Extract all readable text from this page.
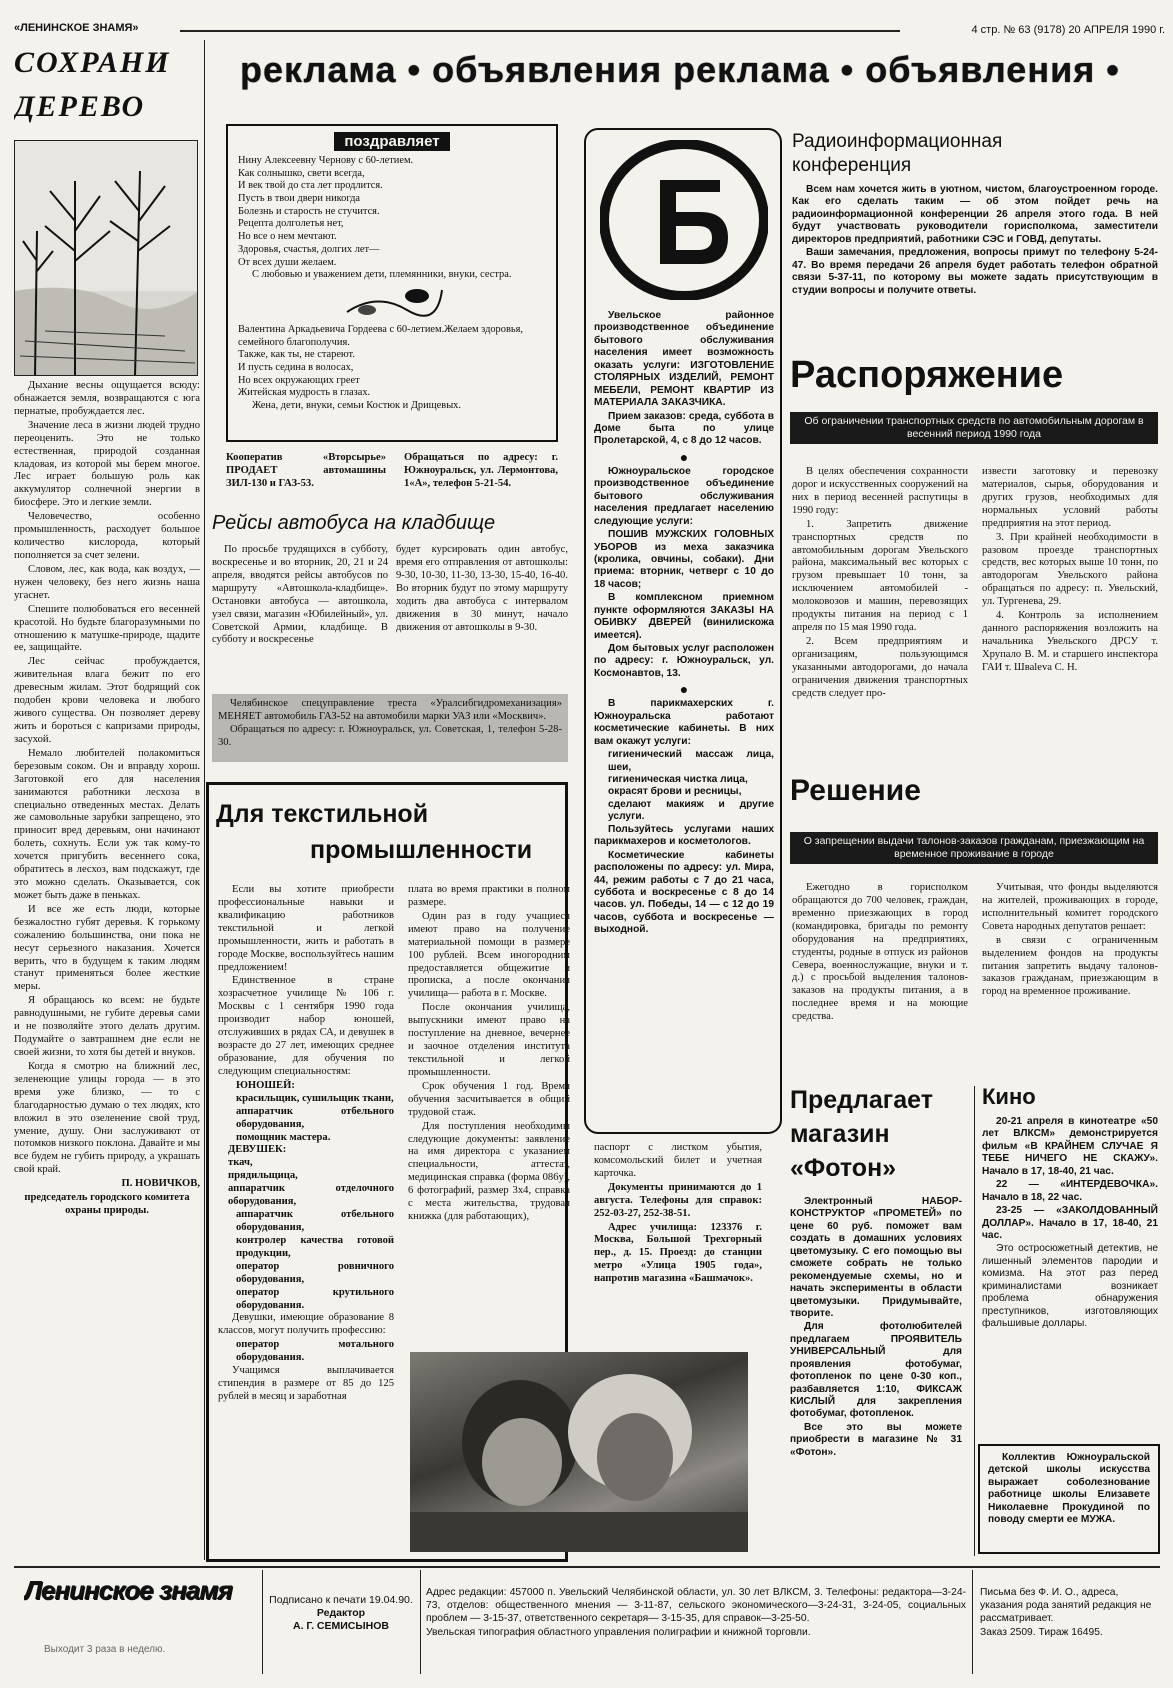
«ЛЕНИНСКОЕ ЗНАМЯ»	4 стр. № 63 (9178) 20 АПРЕЛЯ 1990 г.
реклама • объявления реклама • объявления •
СОХРАНИ
ДЕРЕВО

Дыхание весны ощущается всюду: обнажается земля, возвращаются с юга пернатые, пробуждается лес.

Значение леса в жизни людей трудно переоценить. Это не только естественная, природой созданная кладовая, из которой мы берем многое. Лес играет большую роль как аккумулятор солнечной энергии в биосфере. Это и легкие земли.

Человечество, особенно промышленность, расходует большое количество кислорода, который пополняется за счет зелени.

Словом, лес, как вода, как воздух, — нужен человеку, без него жизнь наша угаснет.

Спешите полюбоваться его весенней красотой. Но будьте благоразумными по отношению к матушке-природе, щадите ее, защищайте.

Лес сейчас пробуждается, живительная влага бежит по его древесным жилам. Этот бодрящий сок подобен крови человека и любого живого существа. Он позволяет дереву жить и бороться с капризами природы, засухой.

Немало любителей полакомиться березовым соком. Он и вправду хорош. Заготовкой его для населения занимаются работники лесхоза в специально отведенных местах. Делать же самовольные зарубки запрещено, это приносит вред деревьям, они начинают болеть, сохнуть. Если уж так кому-то хочется пригубить весеннего сока, обратитесь в лесхоз, вам подскажут, где это можно сделать. Оказывается, сок может быть даже в пеньках.

И все же есть люди, которые безжалостно губят деревья. К горькому сожалению большинства, они пока не несут серьезного наказания. Хочется верить, что в будущем к таким людям станут применяться более жесткие меры.

Я обращаюсь ко всем: не будьте равнодушными, не губите деревья сами и не позволяйте этого делать другим. Подумайте о завтрашнем дне если не своей жизни, то хотя бы детей и внуков.

Когда я смотрю на ближний лес, зеленеющие улицы города — в это время уже близко, — то с благодарностью думаю о тех людях, кто вложил в это озеленение свой труд, умение, душу. Они заслуживают от потомков низкого поклона. Давайте и мы все будем не губить природу, а украшать свой край.

П. НОВИЧКОВ,

председатель городского комитета охраны природы.

поздравляет
Нину Алексеевну Чернову с 60-летием.
Как солнышко, свети всегда,
И век твой до ста лет продлится.
Пусть в твои двери никогда
Болезнь и старость не стучится.
Рецепта долголетья нет,
Но все о нем мечтают.
Здоровья, счастья, долгих лет—
От всех души желаем.
С любовью и уважением дети, племянники, внуки, сестра.
Валентина Аркадьевича Гордеева с 60-летием.Желаем здоровья, семейного благополучия.
Также, как ты, не стареют.
И пусть седина в волосах,
Но всех окружающих греет
Житейская мудрость в глазах.
Жена, дети, внуки, семьи Костюк и Дрищевых.
Кооператив «Вторсырье» ПРОДАЕТ автомашины ЗИЛ-130 и ГАЗ-53.
Обращаться по адресу: г. Южноуральск, ул. Лермонтова, 1«А», телефон 5-21-54.
Рейсы автобуса на кладбище
По просьбе трудящихся в субботу, воскресенье и во вторник, 20, 21 и 24 апреля, вводятся рейсы автобусов по маршруту «Автошкола-кладбище». Остановки автобуса — автошкола, узел связи, магазин «Юбилейный», ул. Советской Армии, кладбище. В субботу и воскресенье
будет курсировать один автобус, время его отправления от автошколы: 9-30, 10-30, 11-30, 13-30, 15-40, 16-40. Во вторник будут по этому маршруту ходить два автобуса с интервалом движения в 30 минут, начало движения от автошколы в 9-30.
Челябинское спецуправление треста «Уралсибгидромеханизация» МЕНЯЕТ автомобиль ГАЗ-52 на автомобили марки УАЗ или «Москвич».
Обращаться по адресу: г. Южноуральск, ул. Советская, 1, телефон 5-28-30.
Для текстильной
промышленности

Если вы хотите приобрести профессиональные навыки и квалификацию работников текстильной и легкой промышленности, жить и работать в городе Москве, воспользуйтесь нашим предложением!

Единственное в стране хозрасчетное училище № 106 г. Москвы с 1 сентября 1990 года производит набор юношей, отслуживших в рядах СА, и девушек в возрасте до 27 лет, имеющих среднее образование, для обучения по следующим специальностям:

ЮНОШЕЙ:
красильщик, сушильщик ткани,
аппаратчик отбельного оборудования,
помощник мастера.
ДЕВУШЕК:
ткач,
прядильщица,
аппаратчик отделочного оборудования,
аппаратчик отбельного оборудования,
контролер качества готовой продукции,
оператор ровничного оборудования,
оператор крутильного оборудования.

Девушки, имеющие образование 8 классов, могут получить профессию:

оператор мотального оборудования.

Учащимся выплачивается стипендия в размере от 85 до 125 рублей в месяц и заработная

плата во время практики в полном размере.

Один раз в году учащиеся имеют право на получение материальной помощи в размере 100 рублей. Всем иногородним предоставляется общежитие и прописка, а после окончания училища— работа в г. Москве.

После окончания училища, выпускники имеют право на поступление на дневное, вечернее и заочное отделения института текстильной и легкой промышленности.

Срок обучения 1 год. Время обучения засчитывается в общий трудовой стаж.

Для поступления необходимы следующие документы: заявление на имя директора с указанием специальности, аттестат, медицинская справка (форма 086у), 6 фотографий, размер 3х4, справка с места жительства, трудовая книжка (для работающих),

паспорт с листком убытия, комсомольский билет и учетная карточка.

Документы принимаются до 1 августа. Телефоны для справок: 252-03-27, 252-38-51.

Адрес училища: 123376 г. Москва, Большой Трехгорный пер., д. 15. Проезд: до станции метро «Улица 1905 года», напротив магазина «Башмачок».

Увельское районное производственное объединение бытового обслуживания населения имеет возможность оказать услуги: ИЗГОТОВЛЕНИЕ СТОЛЯРНЫХ ИЗДЕЛИЙ, РЕМОНТ МЕБЕЛИ, РЕМОНТ КВАРТИР ИЗ МАТЕРИАЛА ЗАКАЗЧИКА.

Прием заказов: среда, суббота в Доме быта по улице Пролетарской, 4, с 8 до 12 часов.

●

Южноуральское городское производственное объединение бытового обслуживания населения предлагает населению следующие услуги:

ПОШИВ МУЖСКИХ ГОЛОВНЫХ УБОРОВ из меха заказчика (кролика, овчины, собаки). Дни приема: вторник, четверг с 10 до 18 часов;

В комплексном приемном пункте оформляются ЗАКАЗЫ НА ОБИВКУ ДВЕРЕЙ (винилискожа имеется).

Дом бытовых услуг расположен по адресу: г. Южноуральск, ул. Космонавтов, 13.

●

В парикмахерских г. Южноуральска работают косметические кабинеты. В них вам окажут услуги:

гигиенический массаж лица, шеи,
гигиеническая чистка лица,
окрасят брови и ресницы,
сделают макияж и другие услуги.

Пользуйтесь услугами наших парикмахеров и косметологов.

Косметические кабинеты расположены по адресу: ул. Мира, 44, режим работы с 7 до 21 часа, суббота и воскресенье с 8 до 14 часов. ул. Победы, 14 — с 12 до 19 часов, суббота и воскресенье — выходной.

Радиоинформационная конференция

Всем нам хочется жить в уютном, чистом, благоустроенном городе. Как его сделать таким — об этом пойдет речь на радиоинформационной конференции 26 апреля этого года. В ней будут участвовать руководители горисполкома, заместители директоров предприятий, работники СЭС и ГОВД, депутаты.

Ваши замечания, предложения, вопросы примут по телефону 5-24-47. Во время передачи 26 апреля будет работать телефон обратной связи 5-37-11, по которому вы можете задать присутствующим в студии вопросы и получите ответы.

Распоряжение
Об ограничении транспортных средств по автомобильным дорогам в весенний период 1990 года

В целях обеспечения сохранности дорог и искусственных сооружений на них в период весенней распутицы в 1990 году:

1. Запретить движение транспортных средств по автомобильным дорогам Увельского района, максимальный вес которых с грузом превышает 10 тонн, за исключением автомобилей - молоковозов и машин, перевозящих продукты питания на период с 1 апреля по 15 мая 1990 года.

2. Всем предприятиям и организациям, пользующимся указанными автодорогами, до начала ограничения движения транспортных средств следует про-

извести заготовку и перевозку материалов, сырья, оборудования и других грузов, необходимых для нормальных условий работы предприятия на этот период.

3. При крайней необходимости в разовом проезде транспортных средств, вес которых выше 10 тонн, по автодорогам Увельского района обращаться по адресу: п. Увельский, ул. Тургенева, 29.

4. Контроль за исполнением данного распоряжения возложить на начальника Увельского ДРСУ т. Хрупало В. М. и старшего инспектора ГАИ т. Шваleva С. Н.

Решение
О запрещении выдачи талонов-заказов гражданам, приезжающим на временное проживание в городе
Ежегодно в горисполком обращаются до 700 человек, граждан, временно приезжающих в город (командировка, бригады по ремонту оборудования на предприятиях, студенты, родные в отпуск из районов Севера, военнослужащие, внуки и т. д.) с просьбой выделения талонов-заказов на продукты питания, а в последнее время и на моющие средства.

Учитывая, что фонды выделяются на жителей, проживающих в городе, исполнительный комитет городского Совета народных депутатов решает:

в связи с ограниченным выделением фондов на продукты питания запретить выдачу талонов-заказов гражданам, приезжающим в город на временное проживание.

Предлагает
магазин
«Фотон»

Электронный НАБОР-КОНСТРУКТОР «ПРОМЕТЕЙ» по цене 60 руб. поможет вам создать в домашних условиях цветомузыку. С его помощью вы сможете собрать не только рекомендуемые схемы, но и начать эксперименты в области цветомузыки. Придумывайте, творите.

Для фотолюбителей предлагаем ПРОЯВИТЕЛЬ УНИВЕРСАЛЬНЫЙ для проявления фотобумаг, фотопленок по цене 0-30 коп., разбавляется 1:10, ФИКСАЖ КИСЛЫЙ для закрепления фотобумаг, фотопленок.

Все это вы можете приобрести в магазине № 31 «Фотон».

Кино

20-21 апреля в кинотеатре «50 лет ВЛКСМ» демонстрируется фильм «В КРАЙНЕМ СЛУЧАЕ Я ТЕБЕ НИЧЕГО НЕ СКАЖУ». Начало в 17, 18-40, 21 час.

22 — «ИНТЕРДЕВОЧКА». Начало в 18, 22 час.

23-25 — «ЗАКОЛДОВАННЫЙ ДОЛЛАР». Начало в 17, 18-40, 21 час.

Это остросюжетный детектив, не лишенный элементов пародии и комизма. На этот раз перед криминалистами возникает проблема обнаружения преступников, изготовляющих фальшивые доллары.

Коллектив Южноуральской детской школы искусства выражает соболезнование работнице школы Елизавете Николаевне Прокудиной по поводу смерти ее МУЖА.
Ленинское знамя
Выходит 3 раза в неделю.
Подписано к печати 19.04.90.
Редактор
А. Г. СЕМИСЫНОВ
Адрес редакции: 457000 п. Увельский Челябинской области, ул. 30 лет ВЛКСМ, 3. Телефоны: редактора—3-24-73, отделов: общественного мнения — 3-11-87, сельского экономического—3-24-31, 3-24-05, социальных проблем — 3-15-37, ответственного секретаря— 3-15-35, для справок—3-25-50.
Увельская типография областного управления полиграфии и книжной торговли.
Письма без Ф. И. О., адреса, указания рода занятий редакция не рассматривает.
Заказ 2509. Тираж 16495.
